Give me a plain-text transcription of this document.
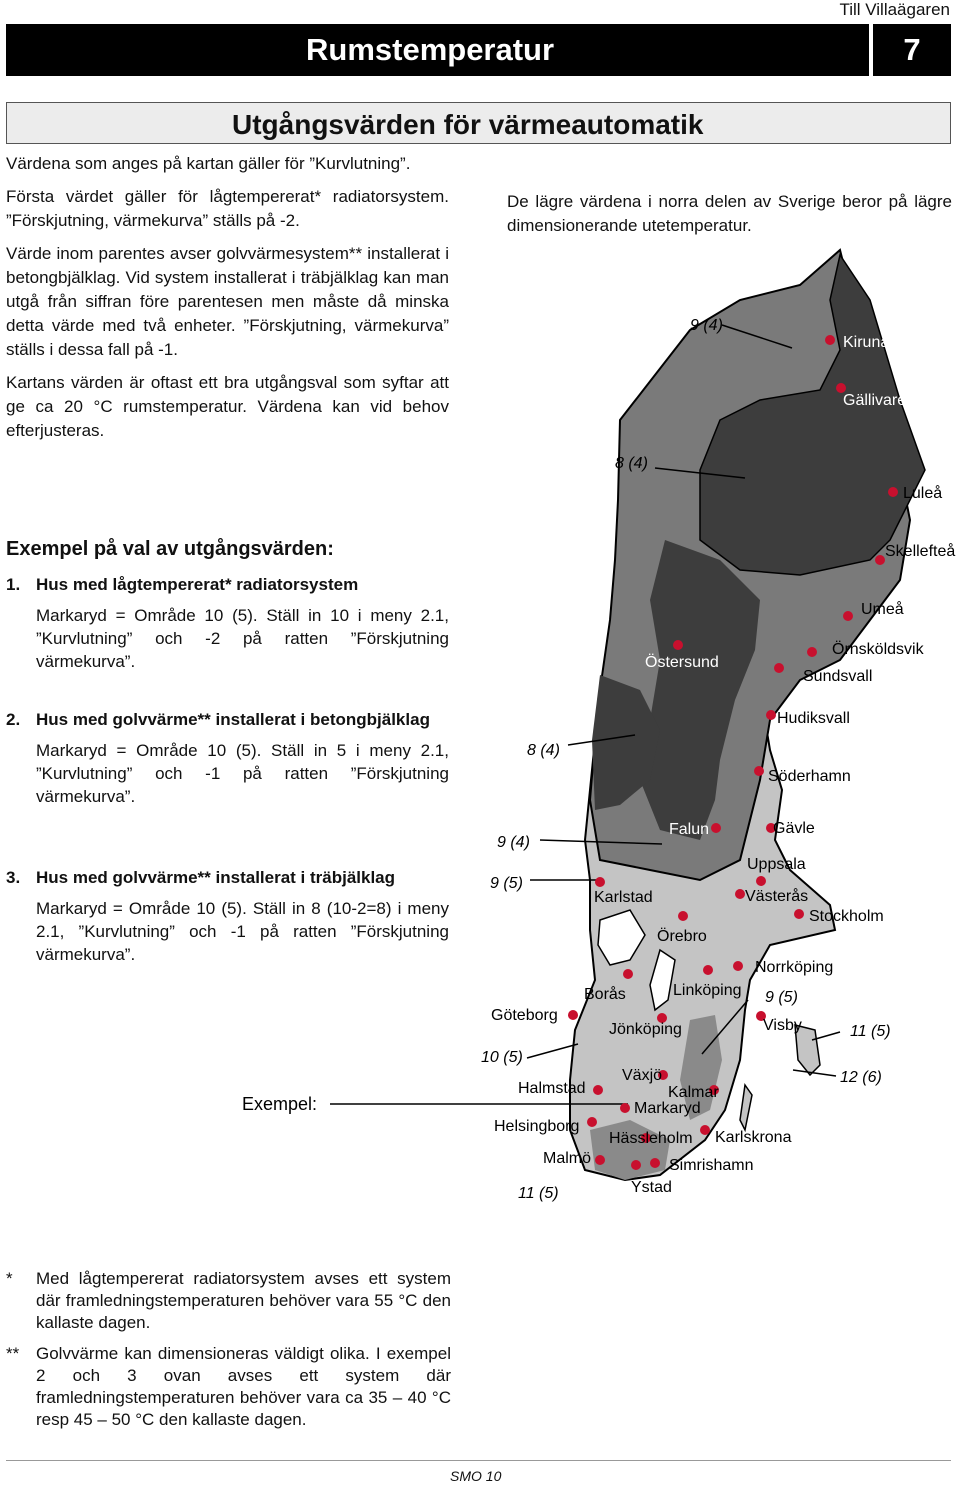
Till Villaägaren
Rumstemperatur	7
Utgångsvärden för värmeautomatik

Värdena som anges på kartan gäller för ”Kurvlutning”.

Första värdet gäller för lågtempererat* radiatorsystem. ”Förskjutning, värmekurva” ställs på -2.

Värde inom parentes avser golvvärmesystem** installerat i betongbjälklag. Vid system installerat i träbjälklag kan man utgå från siffran före parentesen men måste då minska detta värde med två enheter. ”Förskjutning, värmekurva” ställs i dessa fall på -1.

Kartans värden är oftast ett bra utgångsval som syftar att ge ca 20 °C rumstemperatur. Värdena kan vid behov efterjusteras.

De lägre värdena i norra delen av Sverige beror på lägre dimensionerande utetemperatur.

9 (4)
8 (4)
8 (4)
9 (4)
9 (5)
9 (5)
10 (5)
11 (5)
11 (5)
12 (6)
Kiruna
Gällivare
Luleå
Skellefteå
Umeå
Örnsköldsvik
Östersund
Sundsvall
Hudiksvall
Söderhamn
Falun	Gävle
Uppsala
Karlstad	Västerås
Stockholm
Örebro
Norrköping
Borås	Linköping
Göteborg
Jönköping	Visby
Växjö
Halmstad	Kalmar
Markaryd
Helsingborg
Hässleholm Karlskrona
Malmö	Simrishamn
Ystad
Exempel:
Exempel på val av utgångsvärden:
1. Hus med lågtempererat* radiatorsystem
Markaryd = Område 10 (5). Ställ in 10 i meny 2.1, ”Kurvlutning” och -2 på ratten ”Förskjutning värmekurva”.
2. Hus med golvvärme** installerat i betongbjälklag
Markaryd = Område 10 (5). Ställ in 5 i meny 2.1, ”Kurvlutning” och -1 på ratten ”Förskjutning värmekurva”.
3. Hus med golvvärme** installerat i träbjälklag
Markaryd = Område 10 (5). Ställ in 8 (10-2=8) i meny 2.1, ”Kurvlutning” och -1 på ratten ”Förskjutning värmekurva”.
*	Med lågtempererat radiatorsystem avses ett system där framledningstemperaturen behöver vara 55 °C den kallaste dagen.
** Golvvärme kan dimensioneras väldigt olika. I exempel 2 och 3 ovan avses ett system där framledningstemperaturen behöver vara ca 35 – 40 °C resp 45 – 50 °C den kallaste dagen.
SMO 10
